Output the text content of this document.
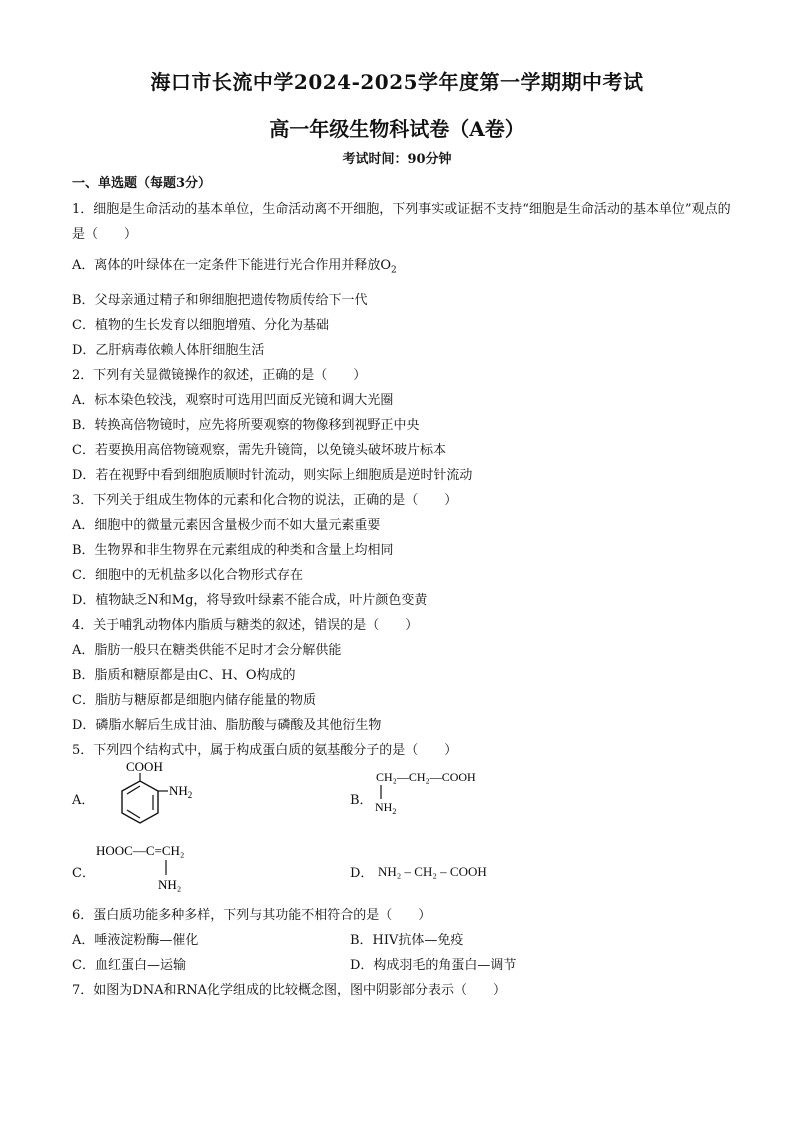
海口市长流中学2024-2025学年度第一学期期中考试
高一年级生物科试卷（A卷）
考试时间：90分钟
一、单选题（每题3分）
1．细胞是生命活动的基本单位，生命活动离不开细胞，下列事实或证据不支持“细胞是生命活动的基本单位”观点的是（　　）
A．离体的叶绿体在一定条件下能进行光合作用并释放$O_2$
B．父母亲通过精子和卵细胞把遗传物质传给下一代
C．植物的生长发育以细胞增殖、分化为基础
D．乙肝病毒依赖人体肝细胞生活
2．下列有关显微镜操作的叙述，正确的是（　　）
A．标本染色较浅，观察时可选用凹面反光镜和调大光圈
B．转换高倍物镜时，应先将所要观察的物像移到视野正中央
C．若要换用高倍物镜观察，需先升镜筒，以免镜头破坏玻片标本
D．若在视野中看到细胞质顺时针流动，则实际上细胞质是逆时针流动
3．下列关于组成生物体的元素和化合物的说法，正确的是（　　）
A．细胞中的微量元素因含量极少而不如大量元素重要
B．生物界和非生物界在元素组成的种类和含量上均相同
C．细胞中的无机盐多以化合物形式存在
D．植物缺乏N和Mg，将导致叶绿素不能合成，叶片颜色变黄
4．关于哺乳动物体内脂质与糖类的叙述，错误的是（　　）
A．脂肪一般只在糖类供能不足时才会分解供能
B．脂质和糖原都是由C、H、O构成的
C．脂肪与糖原都是细胞内储存能量的物质
D．磷脂水解后生成甘油、脂肪酸与磷酸及其他衍生物
5．下列四个结构式中，属于构成蛋白质的氨基酸分子的是（　　）
A．
COOH
$NH_2$	B．
CH₂—CH₂—COOH
$NH_2$
C．
HOOC—C=CH₂
NH₂
D． NH₂ – CH₂ – COOH
6．蛋白质功能多种多样，下列与其功能不相符合的是（　　）
A．唾液淀粉酶—催化	B．HIV抗体—免疫
C．血红蛋白—运输	D．构成羽毛的角蛋白—调节
7．如图为DNA和RNA化学组成的比较概念图，图中阴影部分表示（　　）
